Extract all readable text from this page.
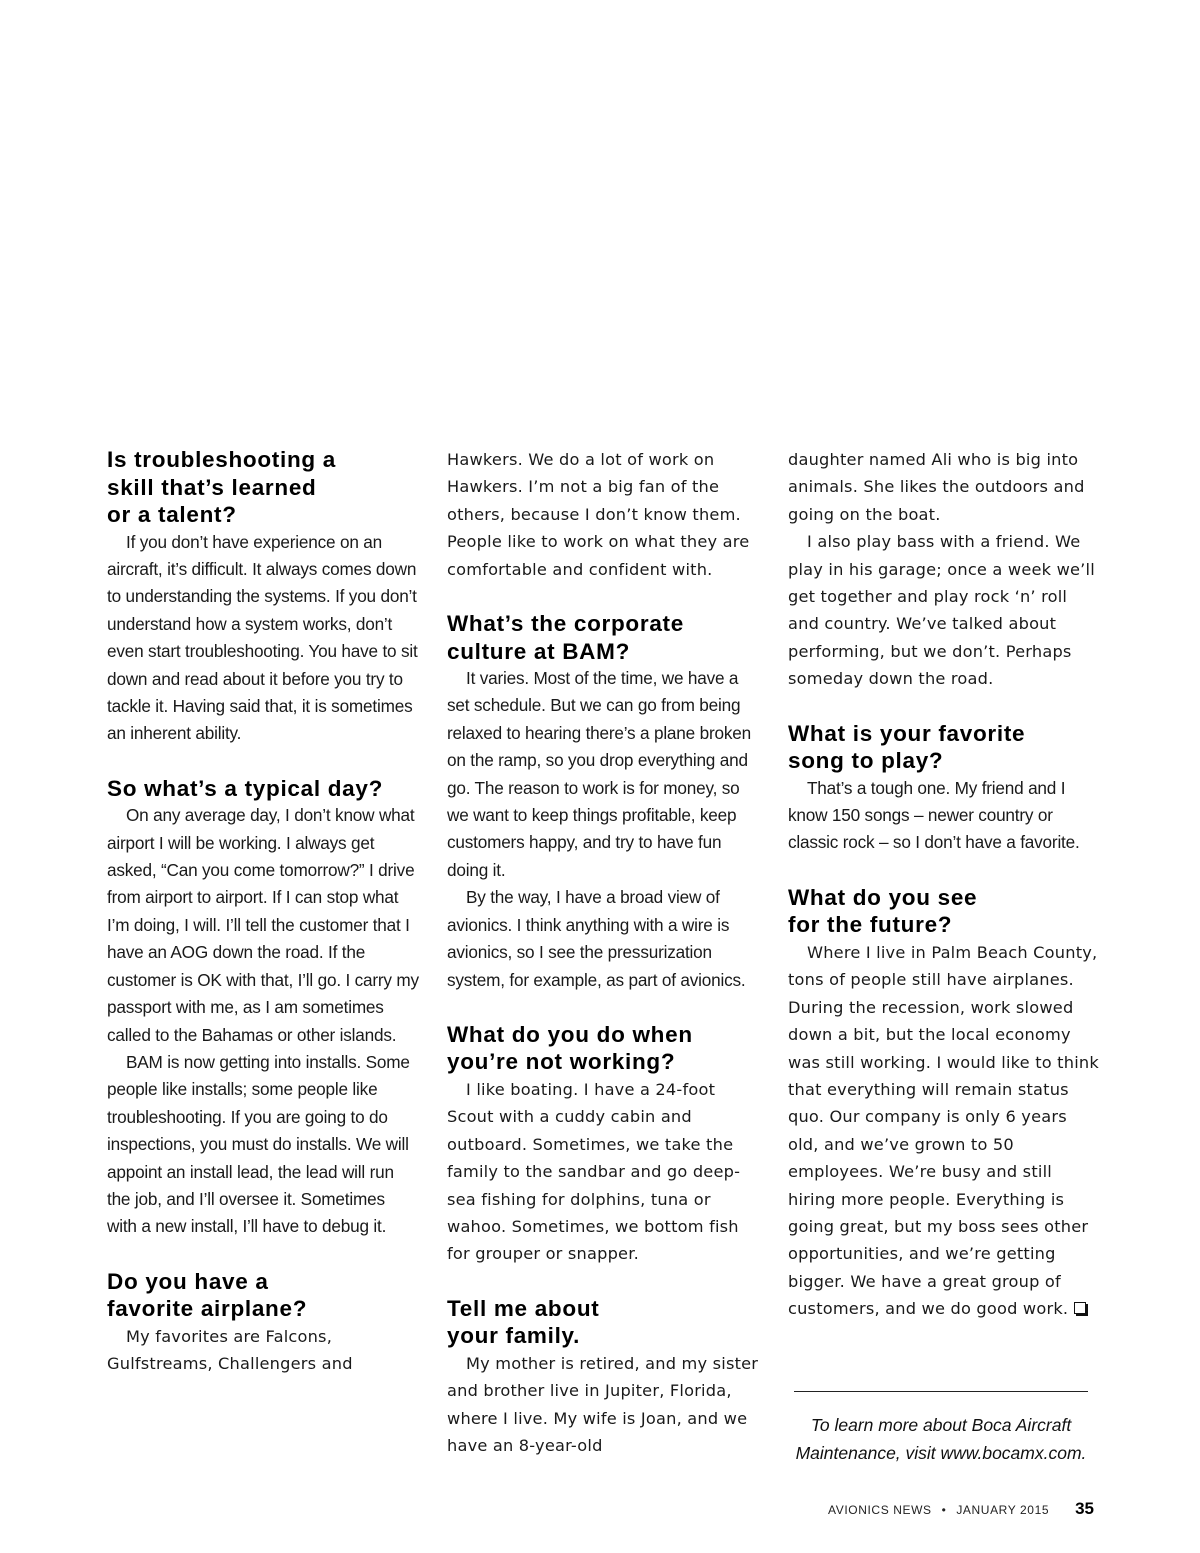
Is troubleshooting a
skill that’s learned
or a talent?

If you don’t have experience on an aircraft, it’s difficult. It always comes down to understanding the systems. If you don’t understand how a system works, don’t even start troubleshooting. You have to sit down and read about it before you try to tackle it. Having said that, it is sometimes an inherent ability.

So what’s a typical day?

On any average day, I don’t know what airport I will be working. I always get asked, “Can you come tomorrow?” I drive from airport to airport. If I can stop what I’m doing, I will. I’ll tell the customer that I have an AOG down the road. If the customer is OK with that, I’ll go. I carry my passport with me, as I am sometimes called to the Bahamas or other islands.

BAM is now getting into installs. Some people like installs; some people like troubleshooting. If you are going to do inspections, you must do installs. We will appoint an install lead, the lead will run the job, and I’ll oversee it. Sometimes with a new install, I’ll have to debug it.

Do you have a
favorite airplane?

My favorites are Falcons, Gulfstreams, Challengers and

Hawkers. We do a lot of work on Hawkers. I’m not a big fan of the others, because I don’t know them. People like to work on what they are comfortable and confident with.

What’s the corporate
culture at BAM?

It varies. Most of the time, we have a set schedule. But we can go from being relaxed to hearing there’s a plane broken on the ramp, so you drop everything and go. The reason to work is for money, so we want to keep things profitable, keep customers happy, and try to have fun doing it.

By the way, I have a broad view of avionics. I think anything with a wire is avionics, so I see the pressurization system, for example, as part of avionics.

What do you do when
you’re not working?

I like boating. I have a 24-foot Scout with a cuddy cabin and outboard. Sometimes, we take the family to the sandbar and go deep-sea fishing for dolphins, tuna or wahoo. Sometimes, we bottom fish for grouper or snapper.

Tell me about
your family.

My mother is retired, and my sister and brother live in Jupiter, Florida, where I live. My wife is Joan, and we have an 8-year-old

daughter named Ali who is big into animals. She likes the outdoors and going on the boat.

I also play bass with a friend. We play in his garage; once a week we’ll get together and play rock ‘n’ roll and country. We’ve talked about performing, but we don’t. Perhaps someday down the road.

What is your favorite
song to play?

That’s a tough one. My friend and I know 150 songs – newer country or classic rock – so I don’t have a favorite.

What do you see
for the future?

Where I live in Palm Beach County, tons of people still have airplanes. During the recession, work slowed down a bit, but the local economy was still working. I would like to think that everything will remain status quo. Our company is only 6 years old, and we’ve grown to 50 employees. We’re busy and still hiring more people. Everything is going great, but my boss sees other opportunities, and we’re getting bigger. We have a great group of customers, and we do good work.

To learn more about Boca Aircraft
Maintenance, visit www.bocamx.com.
AVIONICS NEWS • JANUARY 2015 35
